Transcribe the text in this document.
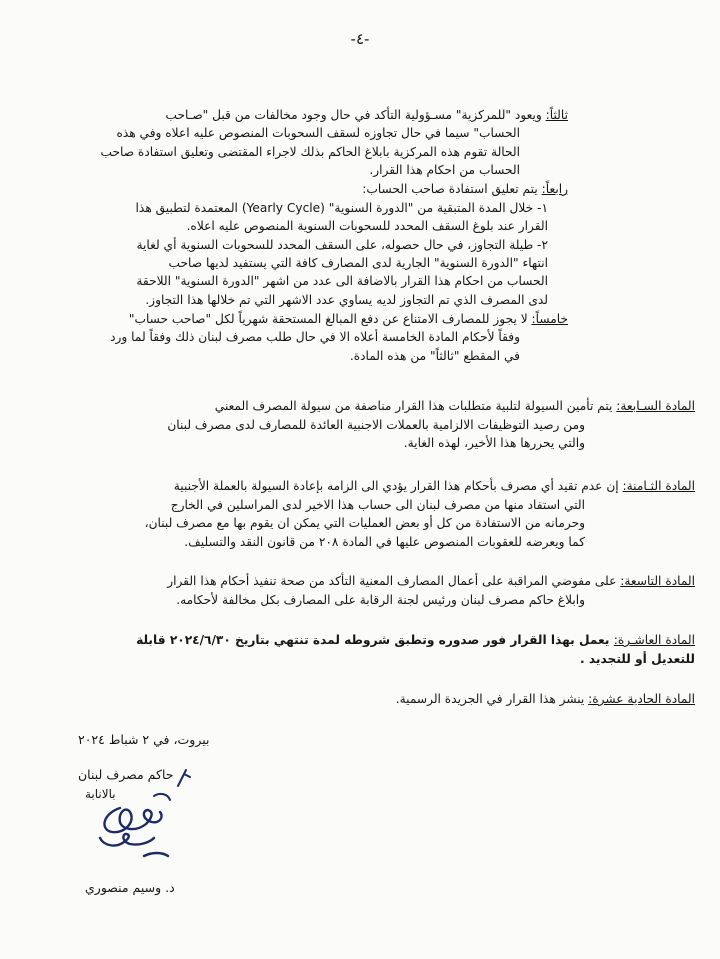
-٤-
ثالثاً: ويعود "للمركزية" مسـؤولية التأكد في حال وجود مخالفات من قبل "صـاحب
الحساب" سيما في حال تجاوزه لسقف السحوبات المنصوص عليه اعلاه وفي هذه
الحالة تقوم هذه المركزية بابلاغ الحاكم بذلك لاجراء المقتضى وتعليق استفادة صاحب
الحساب من احكام هذا القرار.
رابعاً: يتم تعليق استفادة صاحب الحساب:
١- خلال المدة المتبقية من "الدورة السنوية" (Yearly Cycle) المعتمدة لتطبيق هذا
القرار عند بلوغ السقف المحدد للسحوبات السنوية المنصوص عليه اعلاه.
٢- طيلة التجاوز، في حال حصوله، على السقف المحدد للسحوبات السنوية أي لغاية
انتهاء "الدورة السنوية" الجارية لدى المصارف كافة التي يستفيد لديها صاحب
الحساب من احكام هذا القرار بالاضافة الى عدد من اشهر "الدورة السنوية" اللاحقة
لدى المصرف الذي تم التجاوز لديه يساوي عدد الاشهر التي تم خلالها هذا التجاوز.
خامساً: لا يجوز للمصارف الامتناع عن دفع المبالغ المستحقة شهرياً لكل "صاحب حساب"
وفقاً لأحكام المادة الخامسة أعلاه الا في حال طلب مصرف لبنان ذلك وفقاً لما ورد
في المقطع "ثالثاً" من هذه المادة.
المادة السـابعة: يتم تأمين السيولة لتلبية متطلبات هذا القرار مناصفة من سيولة المصرف المعني
ومن رصيد التوظيفات الالزامية بالعملات الاجنبية العائدة للمصارف لدى مصرف لبنان
والتي يحررها هذا الأخير، لهذه الغاية.
المادة الثـامنة: إن عدم تقيد أي مصرف بأحكام هذا القرار يؤدي الى الزامه بإعادة السيولة بالعملة الأجنبية
التي استفاد منها من مصرف لبنان الى حساب هذا الاخير لدى المراسلين في الخارج
وحرمانه من الاستفادة من كل أو بعض العمليات التي يمكن ان يقوم بها مع مصرف لبنان،
كما ويعرضه للعقوبات المنصوص عليها في المادة ٢٠٨ من قانون النقد والتسليف.
المادة التاسعة: على مفوضي المراقبة على أعمال المصارف المعنية التأكد من صحة تنفيذ أحكام هذا القرار
وابلاغ حاكم مصرف لبنان ورئيس لجنة الرقابة على المصارف بكل مخالفة لأحكامه.
المادة العاشـرة: يعمل بهذا القرار فور صدوره وتطبق شروطه لمدة تنتهي بتاريخ ٢٠٢٤/٦/٣٠ قابلة
للتعديل أو للتجديد .
المادة الحادية عشرة: ينشر هذا القرار في الجريدة الرسمية.
بيروت، في ٢ شباط ٢٠٢٤
حاكم مصرف لبنان
بالانابة
د. وسيم منصوري
